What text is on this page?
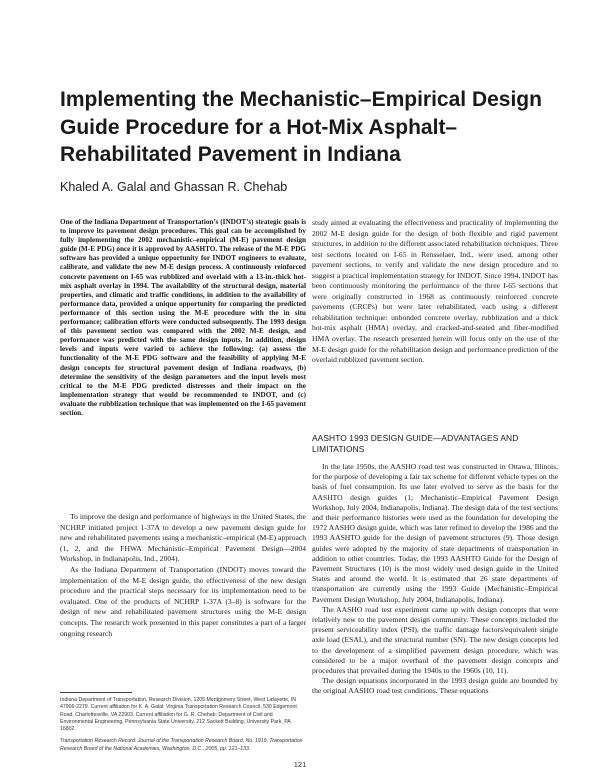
Implementing the Mechanistic–Empirical Design Guide Procedure for a Hot-Mix Asphalt–Rehabilitated Pavement in Indiana
Khaled A. Galal and Ghassan R. Chehab
One of the Indiana Department of Transportation’s (INDOT’s) strategic goals is to improve its pavement design procedures. This goal can be accomplished by fully implementing the 2002 mechanistic–empirical (M-E) pavement design guide (M-E PDG) once it is approved by AASHTO. The release of the M-E PDG software has provided a unique opportunity for INDOT engineers to evaluate, calibrate, and validate the new M-E design process. A continuously reinforced concrete pavement on I-65 was rubblized and overlaid with a 13-in.-thick hot-mix asphalt overlay in 1994. The availability of the structural design, material properties, and climatic and traffic conditions, in addition to the availability of performance data, provided a unique opportunity for comparing the predicted performance of this section using the M-E procedure with the in situ performance; calibration efforts were conducted subsequently. The 1993 design of this pavement section was compared with the 2002 M-E design, and performance was predicted with the same design inputs. In addition, design levels and inputs were varied to achieve the following: (a) assess the functionality of the M-E PDG software and the feasibility of applying M-E design concepts for structural pavement design of Indiana roadways, (b) determine the sensitivity of the design parameters and the input levels most critical to the M-E PDG predicted distresses and their impact on the implementation strategy that would be recommended to INDOT, and (c) evaluate the rubblization technique that was implemented on the I-65 pavement section.

To improve the design and performance of highways in the United States, the NCHRP initiated project 1-37A to develop a new pavement design guide for new and rehabilitated pavements using a mechanistic–empirical (M-E) approach (1, 2, and the FHWA Mechanistic–Empirical Pavement Design—2004 Workshop, in Indianapolis, Ind., 2004).

As the Indiana Department of Transportation (INDOT) moves toward the implementation of the M-E design guide, the effectiveness of the new design procedure and the practical steps necessary for its implementation need to be evaluated. One of the products of NCHRP 1-37A (3–8) is software for the design of new and rehabilitated pavement structures using the M-E design concepts. The research work presented in this paper constitutes a part of a larger ongoing research

Indiana Department of Transportation, Research Division, 1205 Montgomery Street, West Lafayette, IN 47906-2279. Current affiliation for K. A. Galal: Virginia Transportation Research Council, 530 Edgemont Road, Charlottesville, VA 22903. Current affiliation for G. R. Chehab: Department of Civil and Environmental Engineering, Pennsylvania State University, 212 Sackett Building, University Park, PA 16802.

Transportation Research Record: Journal of the Transportation Research Board, No. 1919, Transportation Research Board of the National Academies, Washington, D.C., 2005, pp. 121–133.

study aimed at evaluating the effectiveness and practicality of implementing the 2002 M-E design guide for the design of both flexible and rigid pavement structures, in addition to the different associated rehabilitation techniques. Three test sections located on I-65 in Rensselaer, Ind., were used, among other pavement sections, to verify and validate the new design procedure and to suggest a practical implementation strategy for INDOT. Since 1994, INDOT has been continuously monitoring the performance of the three I-65 sections that were originally constructed in 1968 as continuously reinforced concrete pavements (CRCPs) but were later rehabilitated, each using a different rehabilitation technique: unbonded concrete overlay, rubblization and a thick hot-mix asphalt (HMA) overlay, and cracked-and-seated and fiber-modified HMA overlay. The research presented herein will focus only on the use of the M-E design guide for the rehabilitation design and performance prediction of the overlaid rubblized pavement section.

AASHTO 1993 DESIGN GUIDE—ADVANTAGES AND LIMITATIONS

In the late 1950s, the AASHO road test was constructed in Ottawa, Illinois, for the purpose of developing a fair tax scheme for different vehicle types on the basis of fuel consumption. Its use later evolved to serve as the basis for the AASHTO design guides (1; Mechanistic–Empirical Pavement Design Workshop, July 2004, Indianapolis, Indiana). The design data of the test sections and their performance histories were used as the foundation for developing the 1972 AASHO design guide, which was later refined to develop the 1986 and the 1993 AASHTO guide for the design of pavement structures (9). Those design guides were adopted by the majority of state departments of transportation in addition to other countries. Today, the 1993 AASHTO Guide for the Design of Pavement Structures (10) is the most widely used design guide in the United States and around the world. It is estimated that 26 state departments of transportation are currently using the 1993 Guide (Mechanistic–Empirical Pavement Design Workshop, July 2004, Indianapolis, Indiana).

The AASHO road test experiment came up with design concepts that were relatively new to the pavement design community. These concepts included the present serviceability index (PSI), the traffic damage factors/equivalent single axle load (ESAL), and the structural number (SN). The new design concepts led to the development of a simplified pavement design procedure, which was considered to be a major overhaul of the pavement design concepts and procedures that prevailed during the 1940s to the 1960s (10, 11).

The design equations incorporated in the 1993 design guide are bounded by the original AASHO road test conditions. These equations

121
